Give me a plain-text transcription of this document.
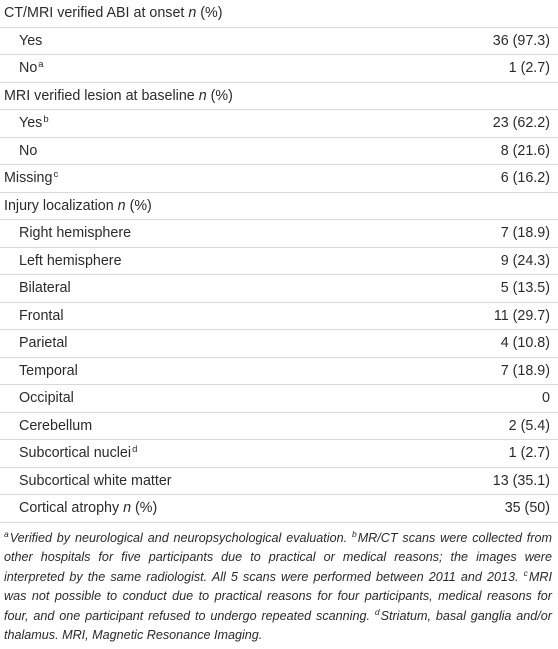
CT/MRI verified ABI at onset n (%)
Yes	36 (97.3)
No$^a$	1 (2.7)
MRI verified lesion at baseline n (%)
Yes$^b$	23 (62.2)
No	8 (21.6)
Missing$^c$	6 (16.2)
Injury localization n (%)
Right hemisphere	7 (18.9)
Left hemisphere	9 (24.3)
Bilateral	5 (13.5)
Frontal	11 (29.7)
Parietal	4 (10.8)
Temporal	7 (18.9)
Occipital	0
Cerebellum	2 (5.4)
Subcortical nuclei$^d$	1 (2.7)
Subcortical white matter	13 (35.1)
Cortical atrophy n (%)	35 (50)
$^a$Verified by neurological and neuropsychological evaluation. $^b$MR/CT scans were collected from other hospitals for five participants due to practical or medical reasons; the images were interpreted by the same radiologist. All 5 scans were performed between 2011 and 2013. $^c$MRI was not possible to conduct due to practical reasons for four participants, medical reasons for four, and one participant refused to undergo repeated scanning. $^d$Striatum, basal ganglia and/or thalamus. MRI, Magnetic Resonance Imaging.
